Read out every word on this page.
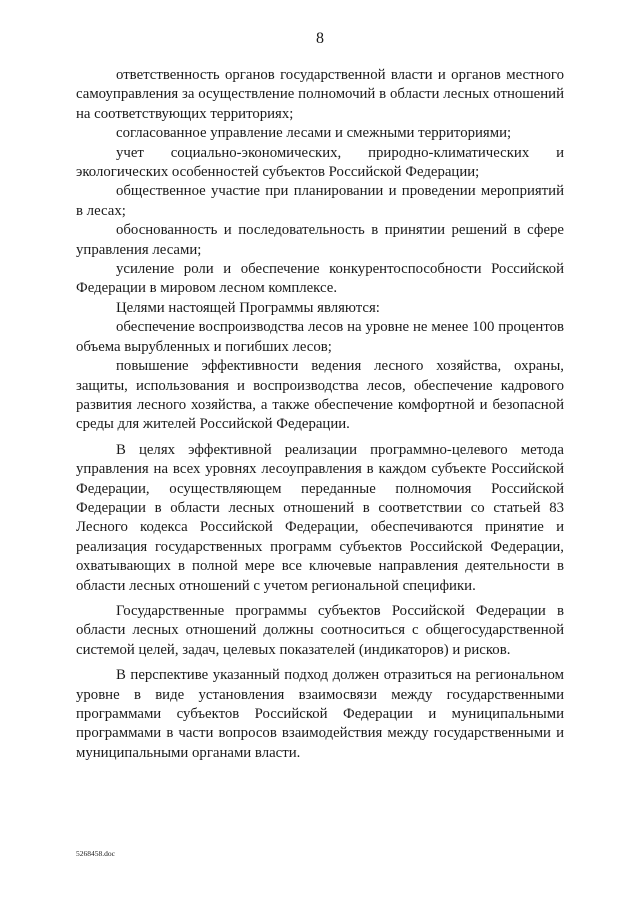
8

ответственность органов государственной власти и органов местного самоуправления за осуществление полномочий в области лесных отношений на соответствующих территориях;

согласованное управление лесами и смежными территориями;

учет социально-экономических, природно-климатических и экологических особенностей субъектов Российской Федерации;

общественное участие при планировании и проведении мероприятий в лесах;

обоснованность и последовательность в принятии решений в сфере управления лесами;

усиление роли и обеспечение конкурентоспособности Российской Федерации в мировом лесном комплексе.

Целями настоящей Программы являются:

обеспечение воспроизводства лесов на уровне не менее 100 процентов объема вырубленных и погибших лесов;

повышение эффективности ведения лесного хозяйства, охраны, защиты, использования и воспроизводства лесов, обеспечение кадрового развития лесного хозяйства, а также обеспечение комфортной и безопасной среды для жителей Российской Федерации.

В целях эффективной реализации программно-целевого метода управления на всех уровнях лесоуправления в каждом субъекте Российской Федерации, осуществляющем переданные полномочия Российской Федерации в области лесных отношений в соответствии со статьей 83 Лесного кодекса Российской Федерации, обеспечиваются принятие и реализация государственных программ субъектов Российской Федерации, охватывающих в полной мере все ключевые направления деятельности в области лесных отношений с учетом региональной специфики.

Государственные программы субъектов Российской Федерации в области лесных отношений должны соотноситься с общегосударственной системой целей, задач, целевых показателей (индикаторов) и рисков.

В перспективе указанный подход должен отразиться на региональном уровне в виде установления взаимосвязи между государственными программами субъектов Российской Федерации и муниципальными программами в части вопросов взаимодействия между государственными и муниципальными органами власти.

5268458.doc
